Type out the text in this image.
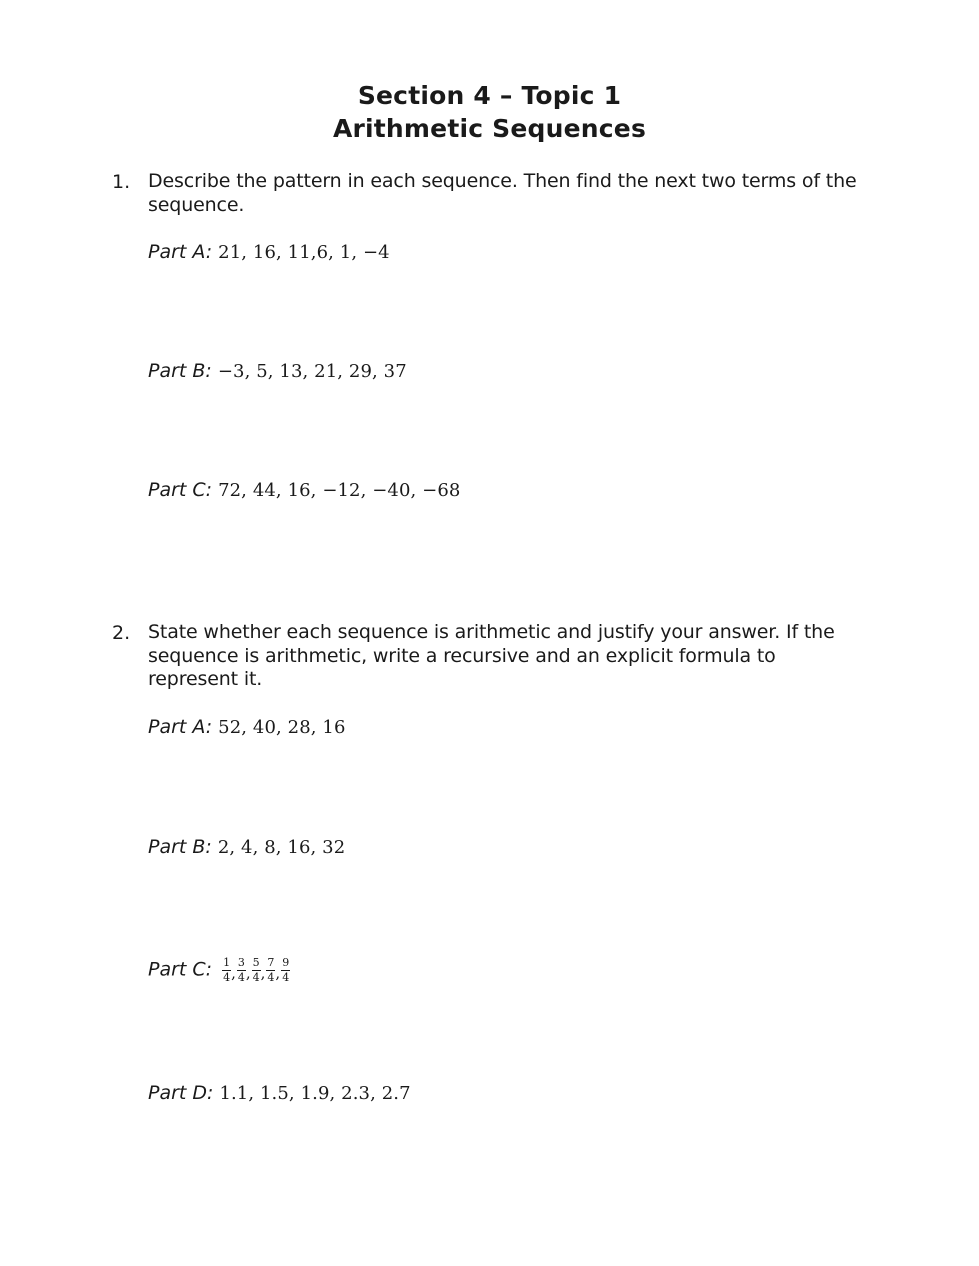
Section 4 – Topic 1
Arithmetic Sequences
1. Describe the pattern in each sequence. Then find the next two terms of the sequence.
Part A: 21, 16, 11,6, 1, −4
Part B: −3, 5, 13, 21, 29, 37
Part C: 72, 44, 16, −12, −40, −68
2. State whether each sequence is arithmetic and justify your answer. If the sequence is arithmetic, write a recursive and an explicit formula to represent it.
Part A: 52, 40, 28, 16
Part B: 2, 4, 8, 16, 32
Part C: $\frac{1}{4}$ , $\frac{3}{4}$ , $\frac{5}{4}$ , $\frac{7}{4}$ , $\frac{9}{4}$
Part D: 1.1, 1.5, 1.9, 2.3, 2.7
